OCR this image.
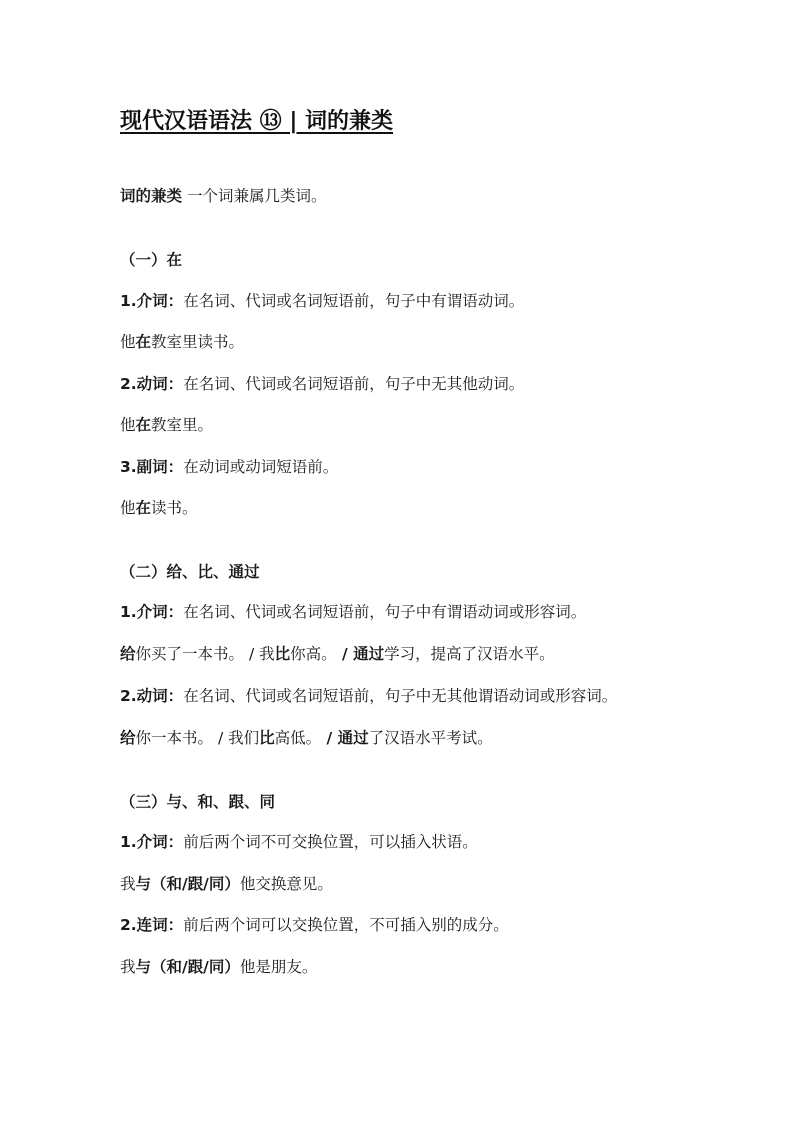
现代汉语语法 ⑬ | 词的兼类
词的兼类 一个词兼属几类词。
（一）在
1.介词：在名词、代词或名词短语前，句子中有谓语动词。
他在教室里读书。
2.动词：在名词、代词或名词短语前，句子中无其他动词。
他在教室里。
3.副词：在动词或动词短语前。
他在读书。
（二）给、比、通过
1.介词：在名词、代词或名词短语前，句子中有谓语动词或形容词。
给你买了一本书。 / 我比你高。 / 通过学习，提高了汉语水平。
2.动词：在名词、代词或名词短语前，句子中无其他谓语动词或形容词。
给你一本书。 / 我们比高低。 / 通过了汉语水平考试。
（三）与、和、跟、同
1.介词：前后两个词不可交换位置，可以插入状语。
我与（和/跟/同）他交换意见。
2.连词：前后两个词可以交换位置，不可插入别的成分。
我与（和/跟/同）他是朋友。
